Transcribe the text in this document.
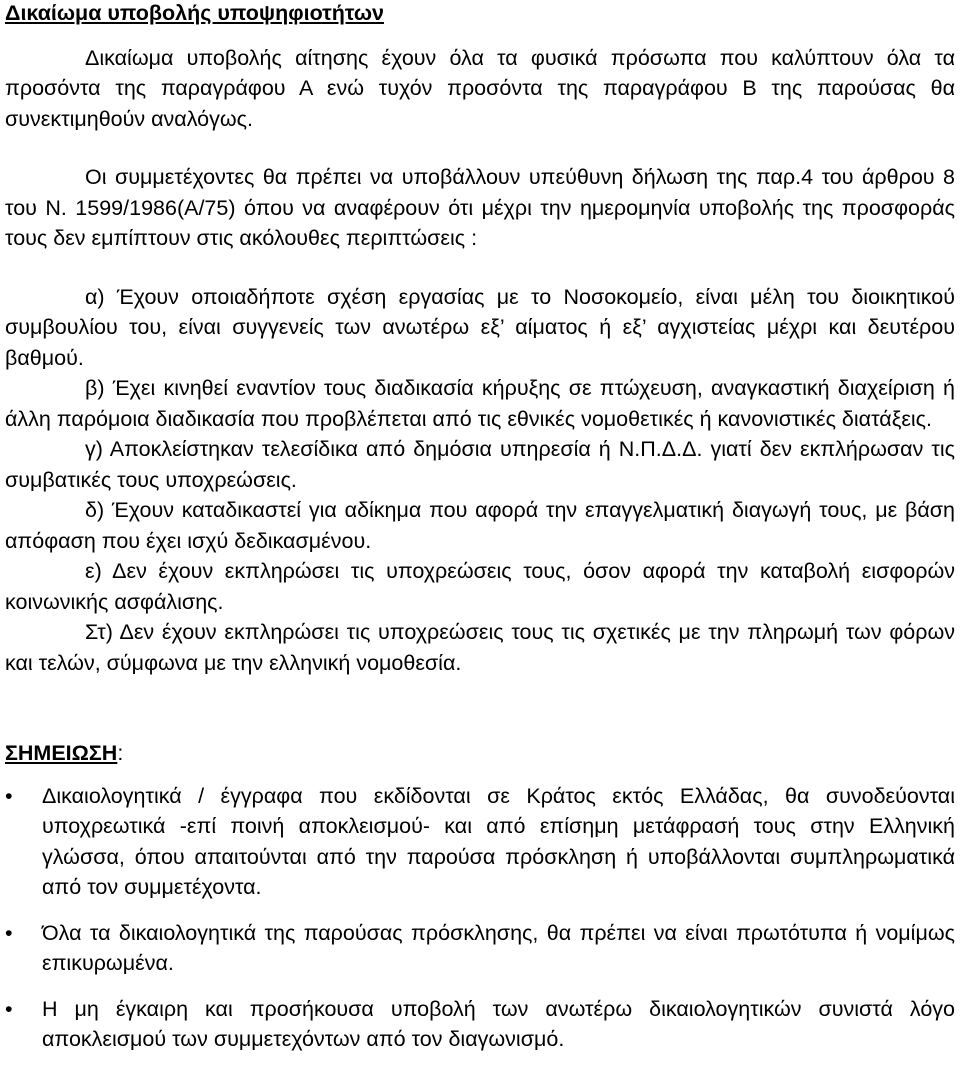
Δικαίωμα υποβολής υποψηφιοτήτων

Δικαίωμα υποβολής αίτησης έχουν όλα τα φυσικά πρόσωπα που καλύπτουν όλα τα προσόντα της παραγράφου Α ενώ τυχόν προσόντα της παραγράφου Β της παρούσας θα συνεκτιμηθούν αναλόγως.

Οι συμμετέχοντες θα πρέπει να υποβάλλουν υπεύθυνη δήλωση της παρ.4 του άρθρου 8 του Ν. 1599/1986(Α/75) όπου να αναφέρουν ότι μέχρι την ημερομηνία υποβολής της προσφοράς τους δεν εμπίπτουν στις ακόλουθες περιπτώσεις :

α) Έχουν οποιαδήποτε σχέση εργασίας με το Νοσοκομείο, είναι μέλη του διοικητικού συμβουλίου του, είναι συγγενείς των ανωτέρω εξ’ αίματος ή εξ’ αγχιστείας μέχρι και δευτέρου βαθμού.

β) Έχει κινηθεί εναντίον τους διαδικασία κήρυξης σε πτώχευση, αναγκαστική διαχείριση ή άλλη παρόμοια διαδικασία που προβλέπεται από τις εθνικές νομοθετικές ή κανονιστικές διατάξεις.

γ) Αποκλείστηκαν τελεσίδικα από δημόσια υπηρεσία ή Ν.Π.Δ.Δ. γιατί δεν εκπλήρωσαν τις συμβατικές τους υποχρεώσεις.

δ) Έχουν καταδικαστεί για αδίκημα που αφορά την επαγγελματική διαγωγή τους, με βάση απόφαση που έχει ισχύ δεδικασμένου.

ε) Δεν έχουν εκπληρώσει τις υποχρεώσεις τους, όσον αφορά την καταβολή εισφορών κοινωνικής ασφάλισης.

Στ) Δεν έχουν εκπληρώσει τις υποχρεώσεις τους τις σχετικές με την πληρωμή των φόρων και τελών, σύμφωνα με την ελληνική νομοθεσία.

ΣΗΜΕΙΩΣΗ:
• Δικαιολογητικά / έγγραφα που εκδίδονται σε Κράτος εκτός Ελλάδας, θα συνοδεύονται υποχρεωτικά -επί ποινή αποκλεισμού- και από επίσημη μετάφρασή τους στην Ελληνική γλώσσα, όπου απαιτούνται από την παρούσα πρόσκληση ή υποβάλλονται συμπληρωματικά από τον συμμετέχοντα.
• Όλα τα δικαιολογητικά της παρούσας πρόσκλησης, θα πρέπει να είναι πρωτότυπα ή νομίμως επικυρωμένα.
• Η μη έγκαιρη και προσήκουσα υποβολή των ανωτέρω δικαιολογητικών συνιστά λόγο αποκλεισμού των συμμετεχόντων από τον διαγωνισμό.
